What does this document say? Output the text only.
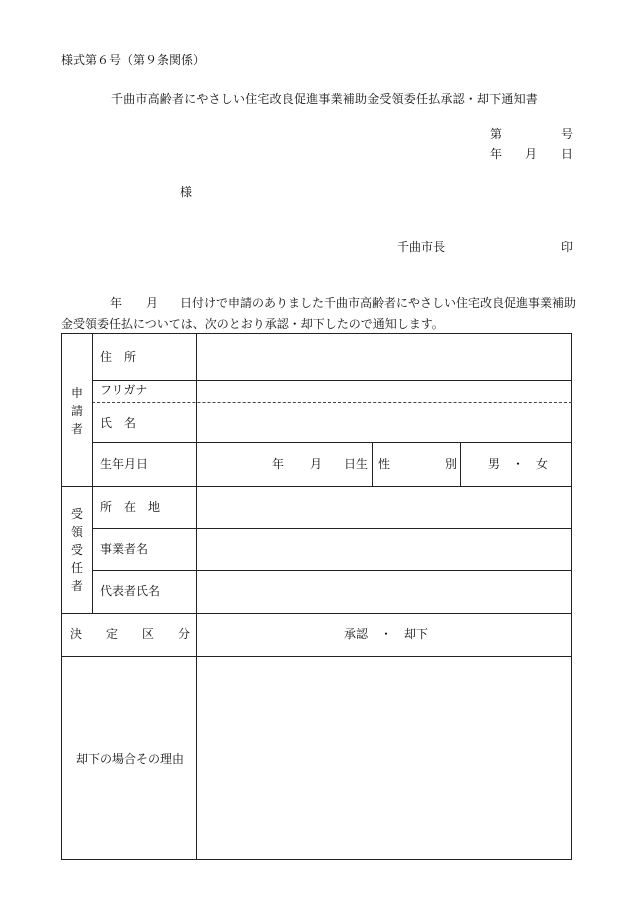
様式第６号（第９条関係）
千曲市高齢者にやさしい住宅改良促進事業補助金受領委任払承認・却下通知書
第	号
年 月 日
様
千曲市長	印
年 月 日付けで申請のありました千曲市高齢者にやさしい住宅改良促進事業補助
金受領委任払については、次のとおり承認・却下したので通知します。
申
請
者
住　所
フリガナ
氏　名
生年月日	年 月 日生 性	別	男　・　女
受
領
受
任
者
所　在　地
事業者名
代表者氏名
決 定 区 分	承認　・　却下
却下の場合その理由
